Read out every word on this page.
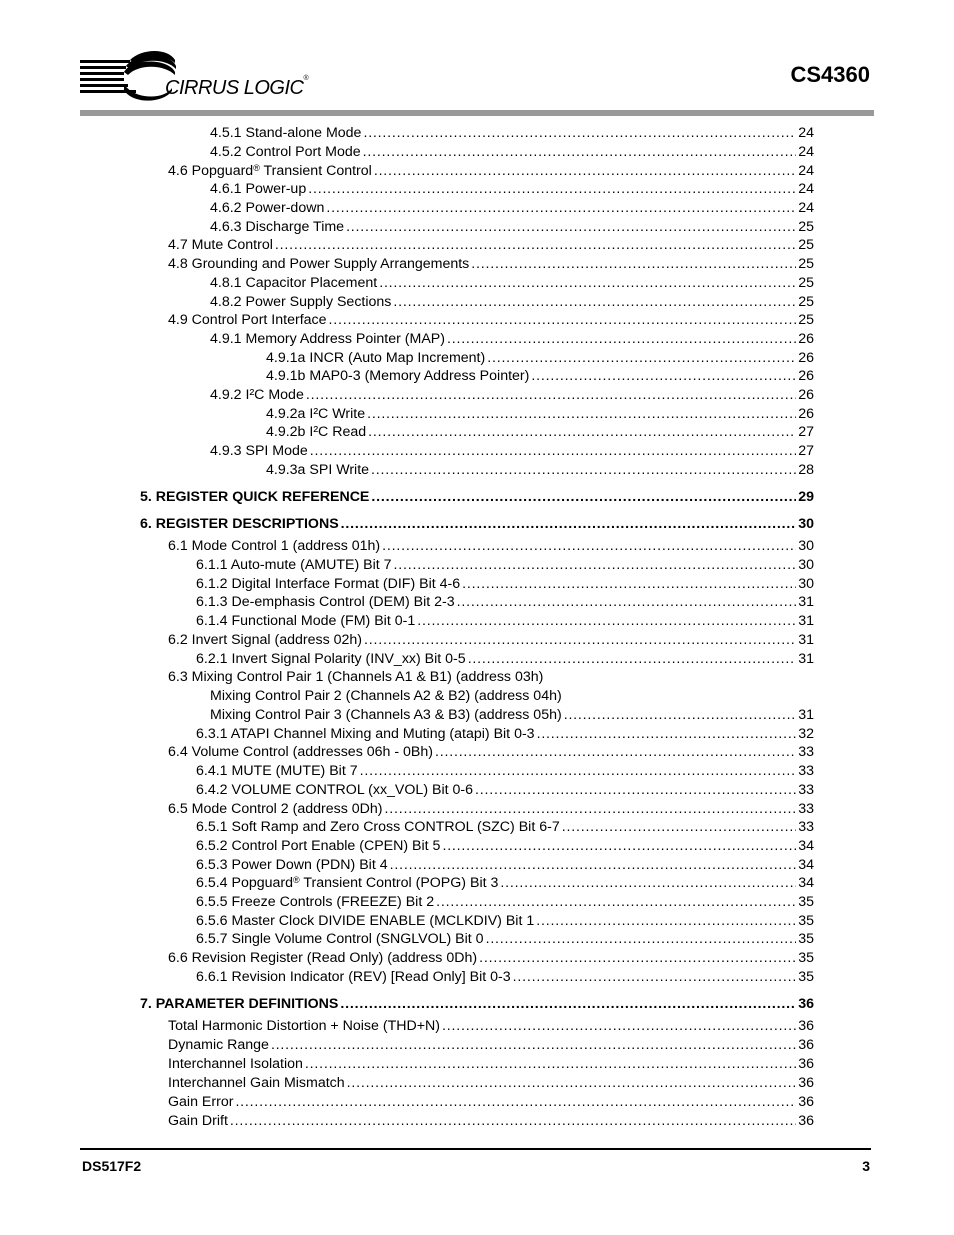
CIRRUS LOGIC®	CS4360
4.5.1 Stand-alone Mode .....	24
4.5.2 Control Port Mode .....	24
4.6 Popguard® Transient Control .....	24
4.6.1 Power-up .....	24
4.6.2 Power-down .....	24
4.6.3 Discharge Time .....	25
4.7 Mute Control .....	25
4.8 Grounding and Power Supply Arrangements .....	25
4.8.1 Capacitor Placement .....	25
4.8.2 Power Supply Sections .....	25
4.9 Control Port Interface .....	25
4.9.1 Memory Address Pointer (MAP) .....	26
4.9.1a INCR (Auto Map Increment) .....	26
4.9.1b MAP0-3 (Memory Address Pointer) .....	26
4.9.2 I²C Mode .....	26
4.9.2a I²C Write .....	26
4.9.2b I²C Read .....	27
4.9.3 SPI Mode .....	27
4.9.3a SPI Write .....	28
5. REGISTER QUICK REFERENCE .....	29
6. REGISTER DESCRIPTIONS .....	30
6.1 Mode Control 1 (address 01h) .....	30
6.1.1 Auto-mute (AMUTE) Bit 7 .....	30
6.1.2 Digital Interface Format (DIF) Bit 4-6 .....	30
6.1.3 De-emphasis Control (DEM) Bit 2-3 .....	31
6.1.4 Functional Mode (FM) Bit 0-1 .....	31
6.2 Invert Signal (address 02h) .....	31
6.2.1 Invert Signal Polarity (INV_xx) Bit 0-5 .....	31
6.3 Mixing Control Pair 1 (Channels A1 & B1) (address 03h)
Mixing Control Pair 2 (Channels A2 & B2) (address 04h)
Mixing Control Pair 3 (Channels A3 & B3) (address 05h) .....	31
6.3.1 ATAPI Channel Mixing and Muting (atapi) Bit 0-3 .....	32
6.4 Volume Control (addresses 06h - 0Bh) .....	33
6.4.1 MUTE (MUTE) Bit 7 .....	33
6.4.2 VOLUME CONTROL (xx_VOL) Bit 0-6 .....	33
6.5 Mode Control 2 (address 0Dh) .....	33
6.5.1 Soft Ramp and Zero Cross CONTROL (SZC) Bit 6-7 .....	33
6.5.2 Control Port Enable (CPEN) Bit 5 .....	34
6.5.3 Power Down (PDN) Bit 4 .....	34
6.5.4 Popguard® Transient Control (POPG) Bit 3 .....	34
6.5.5 Freeze Controls (FREEZE) Bit 2 .....	35
6.5.6 Master Clock DIVIDE ENABLE (MCLKDIV) Bit 1 .....	35
6.5.7 Single Volume Control (SNGLVOL) Bit 0 .....	35
6.6 Revision Register (Read Only) (address 0Dh) .....	35
6.6.1 Revision Indicator (REV) [Read Only] Bit 0-3 .....	35
7. PARAMETER DEFINITIONS .....	36
Total Harmonic Distortion + Noise (THD+N) .....	36
Dynamic Range .....	36
Interchannel Isolation .....	36
Interchannel Gain Mismatch .....	36
Gain Error .....	36
Gain Drift .....	36
DS517F2	3
